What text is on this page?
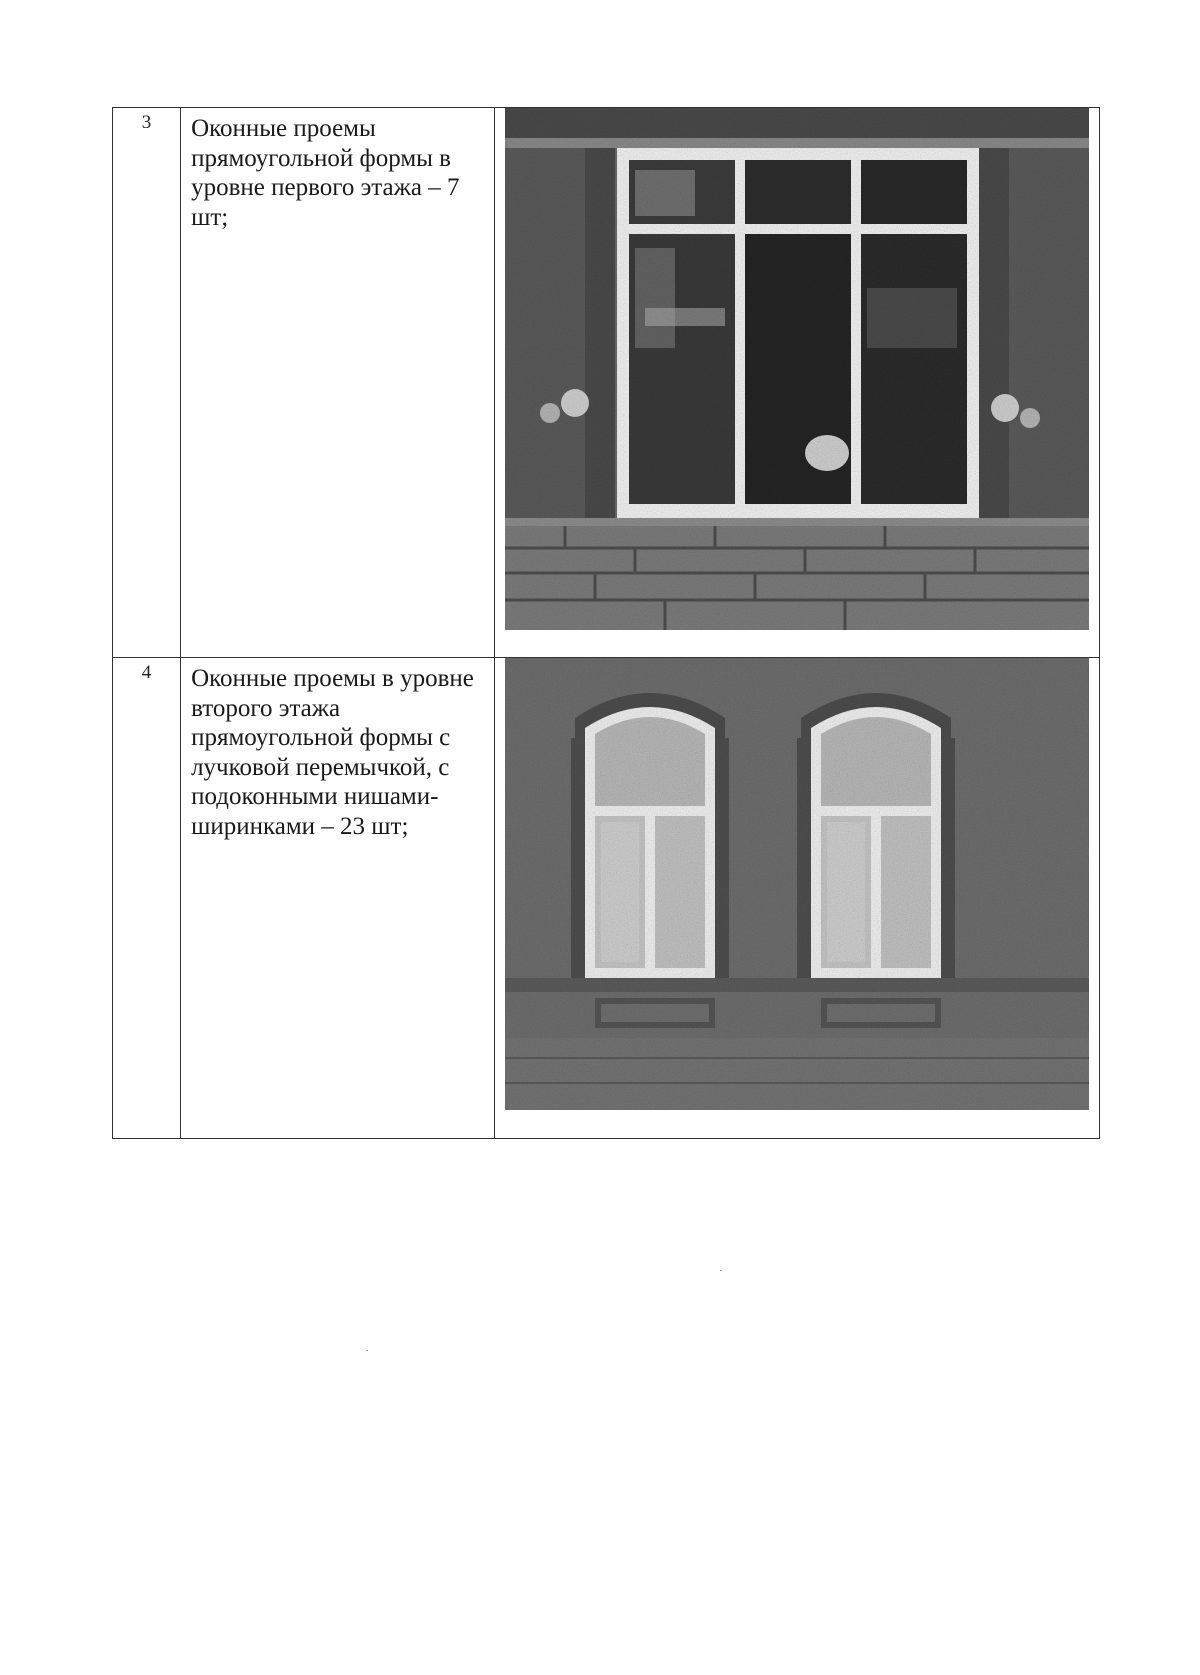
3	Оконные проемы прямоугольной формы в уровне первого этажа – 7 шт;	

4	Оконные проемы в уровне второго этажа прямоугольной формы с лучковой перемычкой, с подоконными нишами- ширинками – 23 шт;	
